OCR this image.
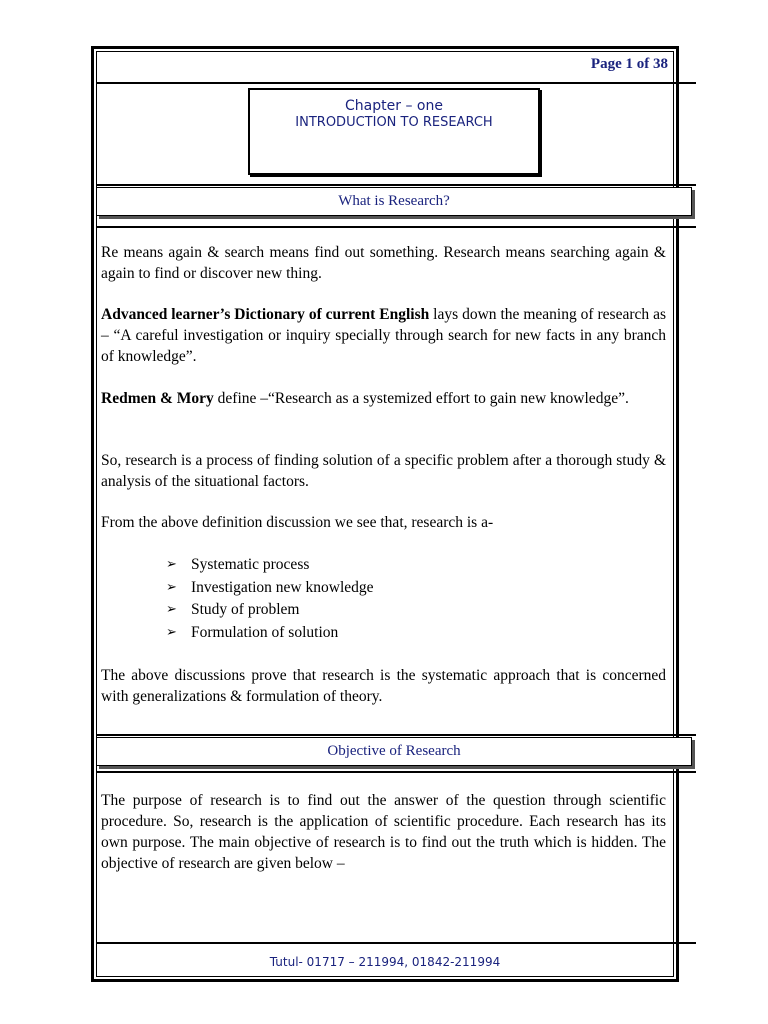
Page 1 of 38
Chapter – one
INTRODUCTION TO RESEARCH
What is Research?

Re means again & search means find out something. Research means searching again & again to find or discover new thing.

Advanced learner’s Dictionary of current English lays down the meaning of research as – “A careful investigation or inquiry specially through search for new facts in any branch of knowledge”.

Redmen & Mory define –“Research as a systemized effort to gain new knowledge”.

So, research is a process of finding solution of a specific problem after a thorough study & analysis of the situational factors.

From the above definition discussion we see that, research is a-

➢ Systematic process
➢ Investigation new knowledge
➢ Study of problem
➢ Formulation of solution

The above discussions prove that research is the systematic approach that is concerned with generalizations & formulation of theory.

Objective of Research

The purpose of research is to find out the answer of the question through scientific procedure. So, research is the application of scientific procedure. Each research has its own purpose. The main objective of research is to find out the truth which is hidden. The objective of research are given below –

Tutul- 01717 – 211994, 01842-211994
